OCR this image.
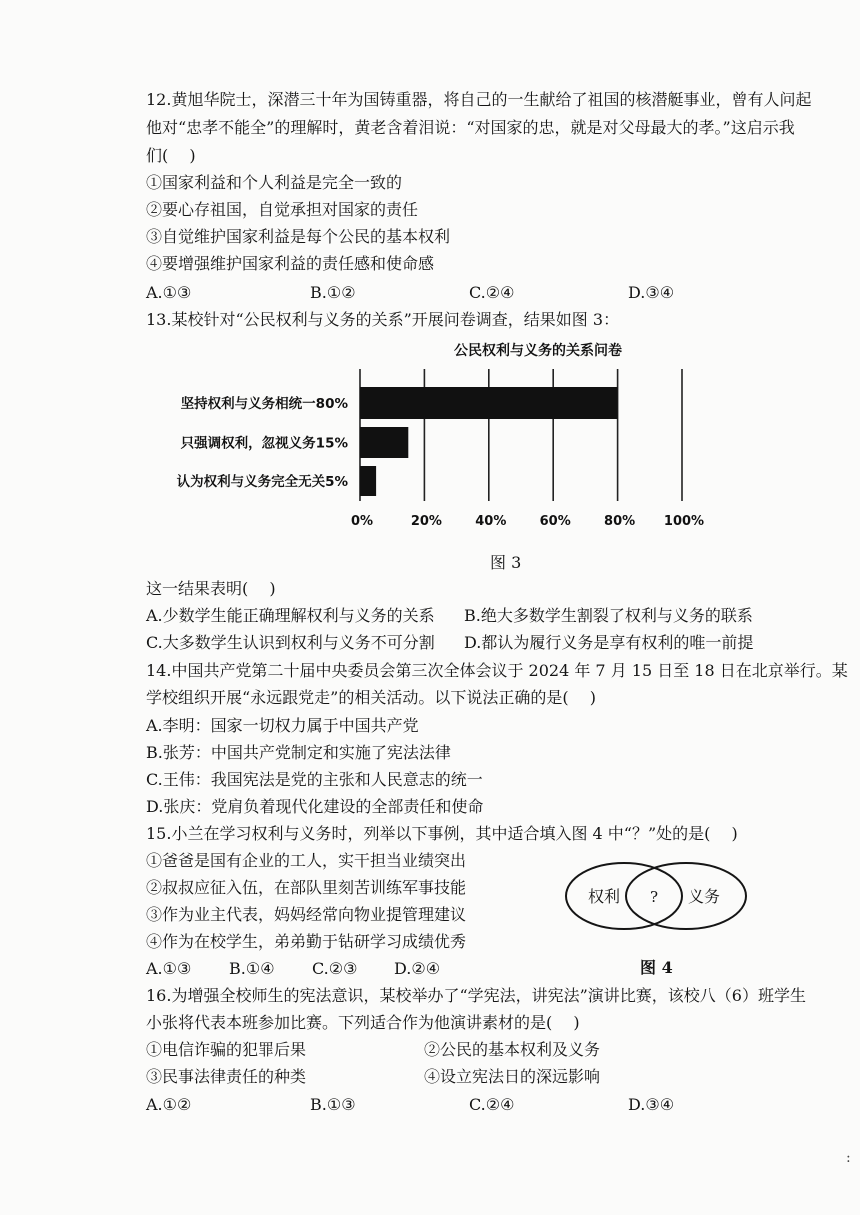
12.黄旭华院士，深潜三十年为国铸重器，将自己的一生献给了祖国的核潜艇事业，曾有人问起
他对“忠孝不能全”的理解时，黄老含着泪说：“对国家的忠，就是对父母最大的孝。”这启示我
们(　 )
①国家利益和个人利益是完全一致的
②要心存祖国，自觉承担对国家的责任
③自觉维护国家利益是每个公民的基本权利
④要增强维护国家利益的责任感和使命感
A.①③	B.①②	C.②④	D.③④
13.某校针对“公民权利与义务的关系”开展问卷调查，结果如图 3：
公民权利与义务的关系问卷
坚持权利与义务相统一80%
只强调权利，忽视义务15%
认为权利与义务完全无关5%
0%	20%	40%	60%	80% 100%
图 3
这一结果表明(　 )
A.少数学生能正确理解权利与义务的关系 B.绝大多数学生割裂了权利与义务的联系
C.大多数学生认识到权利与义务不可分割 D.都认为履行义务是享有权利的唯一前提
14.中国共产党第二十届中央委员会第三次全体会议于 2024 年 7 月 15 日至 18 日在北京举行。某
学校组织开展“永远跟党走”的相关活动。以下说法正确的是(　 )
A.李明：国家一切权力属于中国共产党
B.张芳：中国共产党制定和实施了宪法法律
C.王伟：我国宪法是党的主张和人民意志的统一
D.张庆：党肩负着现代化建设的全部责任和使命
15.小兰在学习权利与义务时，列举以下事例，其中适合填入图 4 中“？”处的是(　 )
①爸爸是国有企业的工人，实干担当业绩突出
②叔叔应征入伍，在部队里刻苦训练军事技能
③作为业主代表，妈妈经常向物业提管理建议
④作为在校学生，弟弟勤于钻研学习成绩优秀
权利 ? 义务
A.①③ B.①④ C.②③ D.②④	图 4
16.为增强全校师生的宪法意识，某校举办了“学宪法，讲宪法”演讲比赛，该校八（6）班学生
小张将代表本班参加比赛。下列适合作为他演讲素材的是(　 )
①电信诈骗的犯罪后果	②公民的基本权利及义务
③民事法律责任的种类	④设立宪法日的深远影响
A.①②	B.①③	C.②④	D.③④
:
